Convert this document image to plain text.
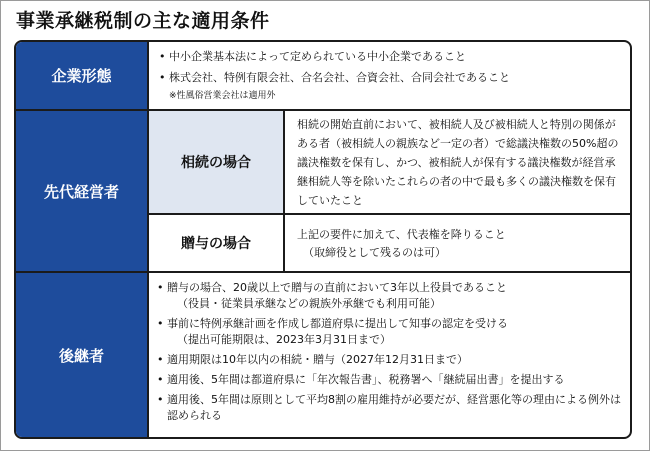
事業承継税制の主な適用条件
企業形態
• 中小企業基本法によって定められている中小企業であること
• 株式会社、特例有限会社、合名会社、合資会社、合同会社であること
※性風俗営業会社は適用外
先代経営者
相続の場合
相続の開始直前において、被相続人及び被相続人と特別の関係がある者（被相続人の親族など一定の者）で総議決権数の50%超の議決権数を保有し、かつ、被相続人が保有する議決権数が経営承継相続人等を除いたこれらの者の中で最も多くの議決権数を保有していたこと
贈与の場合
上記の要件に加えて、代表権を降りること
（取締役として残るのは可）
後継者
• 贈与の場合、20歳以上で贈与の直前において3年以上役員であること
（役員・従業員承継などの親族外承継でも利用可能）
• 事前に特例承継計画を作成し都道府県に提出して知事の認定を受ける
（提出可能期限は、2023年3月31日まで）
• 適用期限は10年以内の相続・贈与（2027年12月31日まで）
• 適用後、5年間は都道府県に「年次報告書」、税務署へ「継続届出書」を提出する
• 適用後、5年間は原則として平均8割の雇用維持が必要だが、経営悪化等の理由による例外は認められる
